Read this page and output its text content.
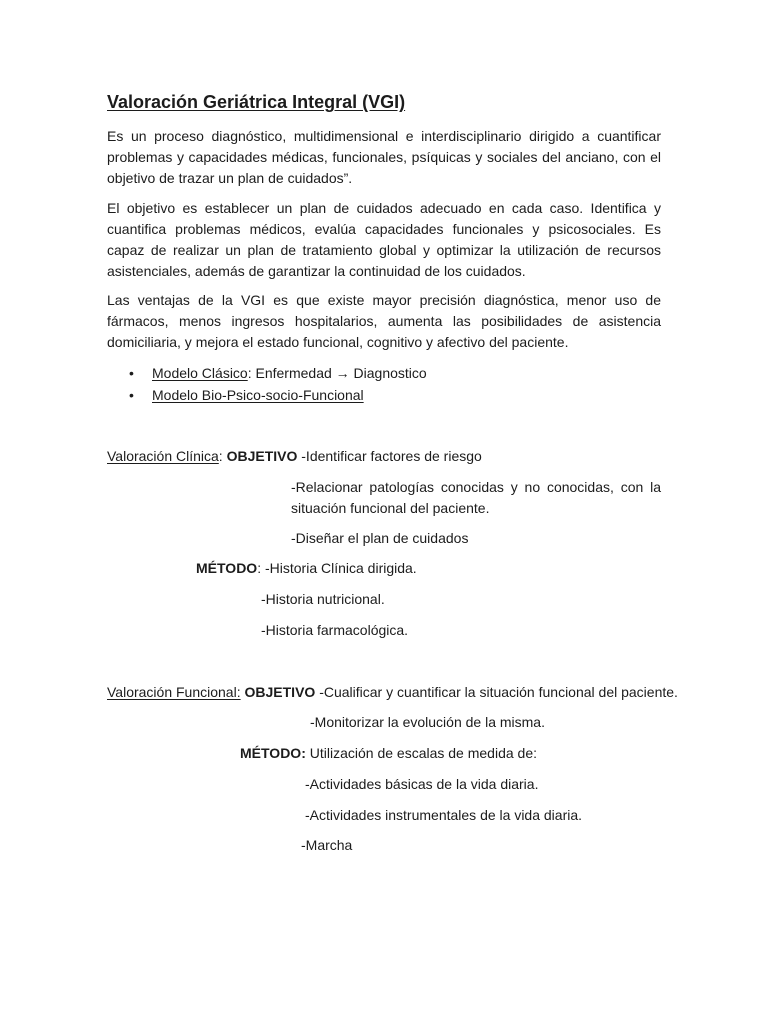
Valoración Geriátrica Integral (VGI)

Es un proceso diagnóstico, multidimensional e interdisciplinario dirigido a cuantificar problemas y capacidades médicas, funcionales, psíquicas y sociales del anciano, con el objetivo de trazar un plan de cuidados”.

El objetivo es establecer un plan de cuidados adecuado en cada caso. Identifica y cuantifica problemas médicos, evalúa capacidades funcionales y psicosociales. Es capaz de realizar un plan de tratamiento global y optimizar la utilización de recursos asistenciales, además de garantizar la continuidad de los cuidados.

Las ventajas de la VGI es que existe mayor precisión diagnóstica, menor uso de fármacos, menos ingresos hospitalarios, aumenta las posibilidades de asistencia domiciliaria, y mejora el estado funcional, cognitivo y afectivo del paciente.

• Modelo Clásico: Enfermedad → Diagnostico
• Modelo Bio-Psico-socio-Funcional
Valoración Clínica: OBJETIVO -Identificar factores de riesgo
-Relacionar patologías conocidas y no conocidas, con la situación funcional del paciente.
-Diseñar el plan de cuidados
MÉTODO: -Historia Clínica dirigida.
-Historia nutricional.
-Historia farmacológica.
Valoración Funcional: OBJETIVO -Cualificar y cuantificar la situación funcional del paciente.
-Monitorizar la evolución de la misma.
MÉTODO: Utilización de escalas de medida de:
-Actividades básicas de la vida diaria.
-Actividades instrumentales de la vida diaria.
-Marcha
